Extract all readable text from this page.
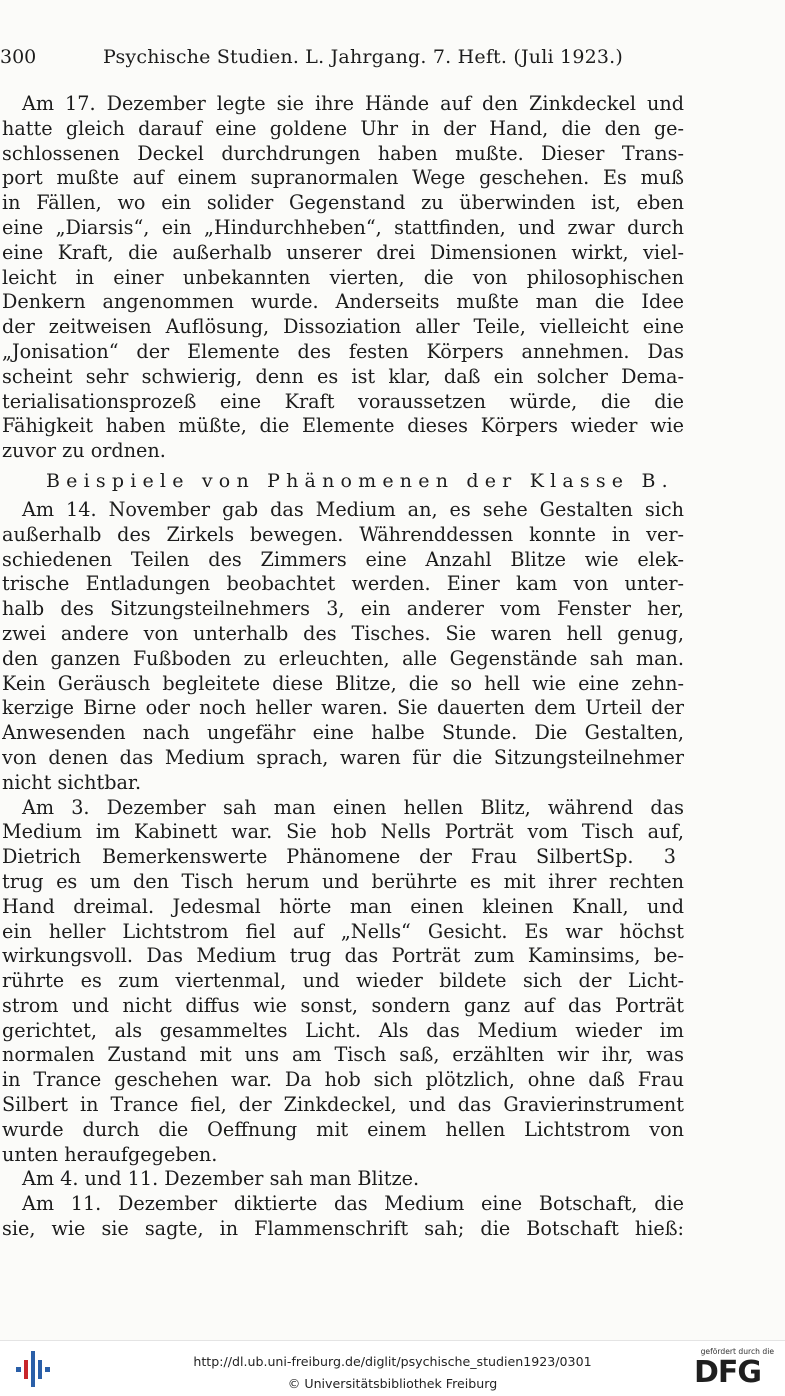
300	Psychische Studien. L. Jahrgang. 7. Heft. (Juli 1923.)
Am 17. Dezember legte sie ihre Hände auf den Zinkdeckel und
hatte gleich darauf eine goldene Uhr in der Hand, die den ge-
schlossenen Deckel durchdrungen haben mußte. Dieser Trans-
port mußte auf einem supranormalen Wege geschehen. Es muß
in Fällen, wo ein solider Gegenstand zu überwinden ist, eben
eine „Diarsis“, ein „Hindurchheben“, stattfinden, und zwar durch
eine Kraft, die außerhalb unserer drei Dimensionen wirkt, viel-
leicht in einer unbekannten vierten, die von philosophischen
Denkern angenommen wurde. Anderseits mußte man die Idee
der zeitweisen Auflösung, Dissoziation aller Teile, vielleicht eine
„Jonisation“ der Elemente des festen Körpers annehmen. Das
scheint sehr schwierig, denn es ist klar, daß ein solcher Dema-
terialisationsprozeß eine Kraft voraussetzen würde, die die
Fähigkeit haben müßte, die Elemente dieses Körpers wieder wie
zuvor zu ordnen.
Beispiele von Phänomenen der Klasse B.
Am 14. November gab das Medium an, es sehe Gestalten sich
außerhalb des Zirkels bewegen. Währenddessen konnte in ver-
schiedenen Teilen des Zimmers eine Anzahl Blitze wie elek-
trische Entladungen beobachtet werden. Einer kam von unter-
halb des Sitzungsteilnehmers 3, ein anderer vom Fenster her,
zwei andere von unterhalb des Tisches. Sie waren hell genug,
den ganzen Fußboden zu erleuchten, alle Gegenstände sah man.
Kein Geräusch begleitete diese Blitze, die so hell wie eine zehn-
kerzige Birne oder noch heller waren. Sie dauerten dem Urteil der
Anwesenden nach ungefähr eine halbe Stunde. Die Gestalten,
von denen das Medium sprach, waren für die Sitzungsteilnehmer
nicht sichtbar.
Am 3. Dezember sah man einen hellen Blitz, während das
Medium im Kabinett war. Sie hob Nells Porträt vom Tisch auf,
Dietrich Bemerkenswerte Phänomene der Frau SilbertSp. 3
trug es um den Tisch herum und berührte es mit ihrer rechten
Hand dreimal. Jedesmal hörte man einen kleinen Knall, und
ein heller Lichtstrom fiel auf „Nells“ Gesicht. Es war höchst
wirkungsvoll. Das Medium trug das Porträt zum Kaminsims, be-
rührte es zum viertenmal, und wieder bildete sich der Licht-
strom und nicht diffus wie sonst, sondern ganz auf das Porträt
gerichtet, als gesammeltes Licht. Als das Medium wieder im
normalen Zustand mit uns am Tisch saß, erzählten wir ihr, was
in Trance geschehen war. Da hob sich plötzlich, ohne daß Frau
Silbert in Trance fiel, der Zinkdeckel, und das Gravierinstrument
wurde durch die Oeffnung mit einem hellen Lichtstrom von
unten heraufgegeben.
Am 4. und 11. Dezember sah man Blitze.
Am 11. Dezember diktierte das Medium eine Botschaft, die
sie, wie sie sagte, in Flammenschrift sah; die Botschaft hieß:
http://dl.ub.uni-freiburg.de/diglit/psychische_studien1923/0301
© Universitätsbibliothek Freiburg
gefördert durch die
DFG
